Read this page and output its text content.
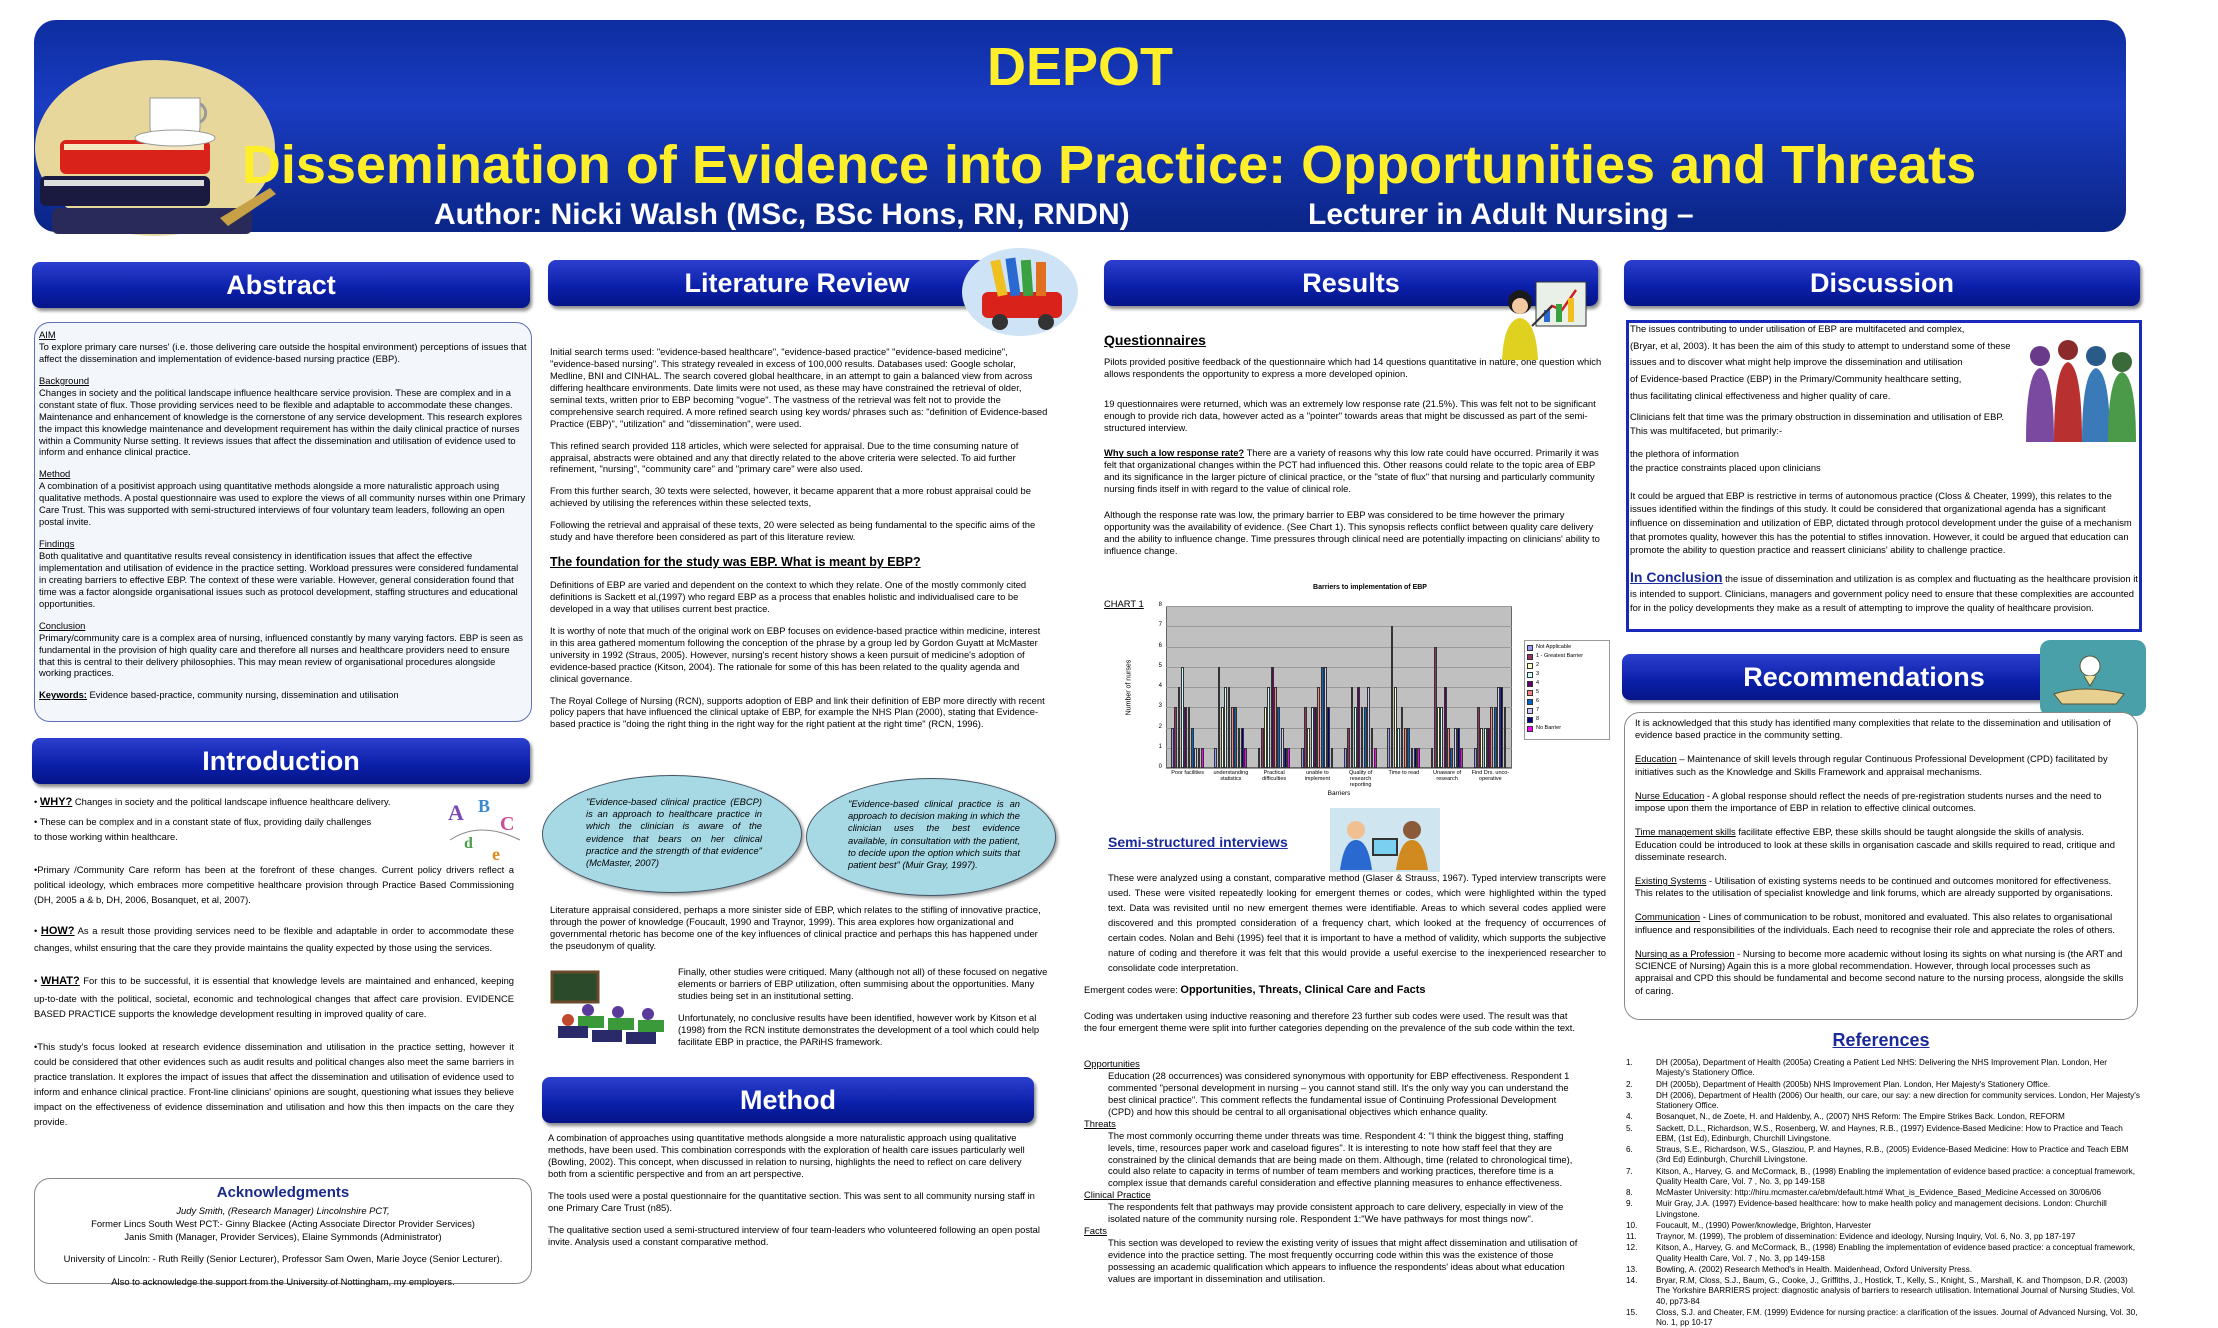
DEPOT
Dissemination of Evidence into Practice: Opportunities and Threats
Author: Nicki Walsh (MSc, BSc Hons, RN, RNDN)	Lecturer in Adult Nursing –
Abstract
AIM
To explore primary care nurses' (i.e. those delivering care outside the hospital environment) perceptions of issues that affect the dissemination and implementation of evidence-based nursing practice (EBP).
Background
Changes in society and the political landscape influence healthcare service provision. These are complex and in a constant state of flux. Those providing services need to be flexible and adaptable to accommodate these changes. Maintenance and enhancement of knowledge is the cornerstone of any service development. This research explores the impact this knowledge maintenance and development requirement has within the daily clinical practice of nurses within a Community Nurse setting. It reviews issues that affect the dissemination and utilisation of evidence used to inform and enhance clinical practice.
Method
A combination of a positivist approach using quantitative methods alongside a more naturalistic approach using qualitative methods. A postal questionnaire was used to explore the views of all community nurses within one Primary Care Trust. This was supported with semi-structured interviews of four voluntary team leaders, following an open postal invite.
Findings
Both qualitative and quantitative results reveal consistency in identification issues that affect the effective implementation and utilisation of evidence in the practice setting. Workload pressures were considered fundamental in creating barriers to effective EBP. The context of these were variable. However, general consideration found that time was a factor alongside organisational issues such as protocol development, staffing structures and educational opportunities.
Conclusion
Primary/community care is a complex area of nursing, influenced constantly by many varying factors. EBP is seen as fundamental in the provision of high quality care and therefore all nurses and healthcare providers need to ensure that this is central to their delivery philosophies. This may mean review of organisational procedures alongside working practices.
Keywords: Evidence based-practice, community nursing, dissemination and utilisation
Introduction
• WHY? Changes in society and the political landscape influence healthcare delivery.
• These can be complex and in a constant state of flux, providing daily challenges
to those working within healthcare.
•Primary /Community Care reform has been at the forefront of these changes. Current policy drivers reflect a political ideology, which embraces more competitive healthcare provision through Practice Based Commissioning (DH, 2005 a & b, DH, 2006, Bosanquet, et al, 2007).
• HOW? As a result those providing services need to be flexible and adaptable in order to accommodate these changes, whilst ensuring that the care they provide maintains the quality expected by those using the services.
• WHAT? For this to be successful, it is essential that knowledge levels are maintained and enhanced, keeping up-to-date with the political, societal, economic and technological changes that affect care provision. EVIDENCE BASED PRACTICE supports the knowledge development resulting in improved quality of care.
•This study's focus looked at research evidence dissemination and utilisation in the practice setting, however it could be considered that other evidences such as audit results and political changes also meet the same barriers in practice translation. It explores the impact of issues that affect the dissemination and utilisation of evidence used to inform and enhance clinical practice. Front-line clinicians' opinions are sought, questioning what issues they believe impact on the effectiveness of evidence dissemination and utilisation and how this then impacts on the care they provide.
A B
C
d
e
Acknowledgments
Judy Smith, (Research Manager) Lincolnshire PCT,
Former Lincs South West PCT:- Ginny Blackee (Acting Associate Director Provider Services)
Janis Smith (Manager, Provider Services), Elaine Symmonds (Administrator)
University of Lincoln: - Ruth Reilly (Senior Lecturer), Professor Sam Owen, Marie Joyce (Senior Lecturer).
Also to acknowledge the support from the University of Nottingham, my employers.
Literature Review

Initial search terms used: "evidence-based healthcare", "evidence-based practice" "evidence-based medicine", "evidence-based nursing". This strategy revealed in excess of 100,000 results. Databases used: Google scholar, Medline, BNI and CINHAL. The search covered global healthcare, in an attempt to gain a balanced view from across differing healthcare environments. Date limits were not used, as these may have constrained the retrieval of older, seminal texts, written prior to EBP becoming "vogue". The vastness of the retrieval was felt not to provide the comprehensive search required. A more refined search using key words/ phrases such as: "definition of Evidence-based Practice (EBP)", "utilization" and "dissemination", were used.

This refined search provided 118 articles, which were selected for appraisal. Due to the time consuming nature of appraisal, abstracts were obtained and any that directly related to the above criteria were selected. To aid further refinement, "nursing", "community care" and "primary care" were also used.

From this further search, 30 texts were selected, however, it became apparent that a more robust appraisal could be achieved by utilising the references within these selected texts,

Following the retrieval and appraisal of these texts, 20 were selected as being fundamental to the specific aims of the study and have therefore been considered as part of this literature review.

The foundation for the study was EBP. What is meant by EBP?

Definitions of EBP are varied and dependent on the context to which they relate. One of the mostly commonly cited definitions is Sackett et al,(1997) who regard EBP as a process that enables holistic and individualised care to be developed in a way that utilises current best practice.

It is worthy of note that much of the original work on EBP focuses on evidence-based practice within medicine, interest in this area gathered momentum following the conception of the phrase by a group led by Gordon Guyatt at McMaster university in 1992 (Straus, 2005). However, nursing's recent history shows a keen pursuit of medicine's adoption of evidence-based practice (Kitson, 2004). The rationale for some of this has been related to the quality agenda and clinical governance.

The Royal College of Nursing (RCN), supports adoption of EBP and link their definition of EBP more directly with recent policy papers that have influenced the clinical uptake of EBP, for example the NHS Plan (2000), stating that Evidence-based practice is "doing the right thing in the right way for the right patient at the right time" (RCN, 1996).

"Evidence-based clinical practice (EBCP) is an approach to healthcare practice in which the clinician is aware of the evidence that bears on her clinical practice and the strength of that evidence" (McMaster, 2007)
"Evidence-based clinical practice is an approach to decision making in which the clinician uses the best evidence available, in consultation with the patient, to decide upon the option which suits that patient best" (Muir Gray, 1997).

Literature appraisal considered, perhaps a more sinister side of EBP, which relates to the stifling of innovative practice, through the power of knowledge (Foucault, 1990 and Traynor, 1999). This area explores how organizational and governmental rhetoric has become one of the key influences of clinical practice and perhaps this has happened under the pseudonym of quality.

Finally, other studies were critiqued. Many (although not all) of these focused on negative elements or barriers of EBP utilization, often summising about the opportunities. Many studies being set in an institutional setting.

Unfortunately, no conclusive results have been identified, however work by Kitson et al (1998) from the RCN institute demonstrates the development of a tool which could help facilitate EBP in practice, the PARiHS framework.

Method

A combination of approaches using quantitative methods alongside a more naturalistic approach using qualitative methods, have been used. This combination corresponds with the exploration of health care issues particularly well (Bowling, 2002). This concept, when discussed in relation to nursing, highlights the need to reflect on care delivery both from a scientific perspective and from an art perspective.

The tools used were a postal questionnaire for the quantitative section. This was sent to all community nursing staff in one Primary Care Trust (n85).

The qualitative section used a semi-structured interview of four team-leaders who volunteered following an open postal invite. Analysis used a constant comparative method.

Results
Questionnaires

Pilots provided positive feedback of the questionnaire which had 14 questions quantitative in nature, one question which allows respondents the opportunity to express a more developed opinion.

19 questionnaires were returned, which was an extremely low response rate (21.5%). This was felt not to be significant enough to provide rich data, however acted as a "pointer" towards areas that might be discussed as part of the semi-structured interview.

Why such a low response rate? There are a variety of reasons why this low rate could have occurred. Primarily it was felt that organizational changes within the PCT had influenced this. Other reasons could relate to the topic area of EBP and its significance in the larger picture of clinical practice, or the "state of flux" that nursing and particularly community nursing finds itself in with regard to the value of clinical role.

Although the response rate was low, the primary barrier to EBP was considered to be time however the primary opportunity was the availability of evidence. (See Chart 1). This synopsis reflects conflict between quality care delivery and the ability to influence change. Time pressures through clinical need are potentially impacting on clinicians' ability to influence change.

CHART 1
Barriers to implementation of EBP
Number of nurses
0
1
2
3
4
5
6
7
8
Poor facilities	understanding statistics
Practical difficulties
unable to implement
Quality of research reporting
Time to read	Unaware of research
Find Drs. unco-operative
Barriers
Not Applicable
1 - Greatest Barrier
2
3
4
5
6
7
8
No Barrier
Semi-structured interviews

These were analyzed using a constant, comparative method (Glaser & Strauss, 1967). Typed interview transcripts were used. These were visited repeatedly looking for emergent themes or codes, which were highlighted within the typed text. Data was revisited until no new emergent themes were identifiable. Areas to which several codes applied were discovered and this prompted consideration of a frequency chart, which looked at the frequency of occurrences of certain codes. Nolan and Behi (1995) feel that it is important to have a method of validity, which supports the subjective nature of coding and therefore it was felt that this would provide a useful exercise to the inexperienced researcher to consolidate code interpretation.

Emergent codes were: Opportunities, Threats, Clinical Care and Facts

Coding was undertaken using inductive reasoning and therefore 23 further sub codes were used. The result was that the four emergent theme were split into further categories depending on the prevalence of the sub code within the text.

Opportunities
Education (28 occurrences) was considered synonymous with opportunity for EBP effectiveness. Respondent 1 commented "personal development in nursing – you cannot stand still. It's the only way you can understand the best clinical practice". This comment reflects the fundamental issue of Continuing Professional Development (CPD) and how this should be central to all organisational objectives which enhance quality.
Threats
The most commonly occurring theme under threats was time. Respondent 4: "I think the biggest thing, staffing levels, time, resources paper work and caseload figures". It is interesting to note how staff feel that they are constrained by the clinical demands that are being made on them. Although, time (related to chronological time), could also relate to capacity in terms of number of team members and working practices, therefore time is a complex issue that demands careful consideration and effective planning measures to enhance effectiveness.
Clinical Practice
The respondents felt that pathways may provide consistent approach to care delivery, especially in view of the isolated nature of the community nursing role. Respondent 1:"We have pathways for most things now".
Facts
This section was developed to review the existing verity of issues that might affect dissemination and utilisation of evidence into the practice setting. The most frequently occurring code within this was the existence of those possessing an academic qualification which appears to influence the respondents' ideas about what education values are important in dissemination and utilisation.
Discussion
The issues contributing to under utilisation of EBP are multifaceted and complex,
(Bryar, et al, 2003). It has been the aim of this study to attempt to understand some of these
issues and to discover what might help improve the dissemination and utilisation
of Evidence-based Practice (EBP) in the Primary/Community healthcare setting,
thus facilitating clinical effectiveness and higher quality of care.
Clinicians felt that time was the primary obstruction in dissemination and utilisation of EBP. This was multifaceted, but primarily:-
the plethora of information
the practice constraints placed upon clinicians
It could be argued that EBP is restrictive in terms of autonomous practice (Closs & Cheater, 1999), this relates to the issues identified within the findings of this study. It could be considered that organizational agenda has a significant influence on dissemination and utilization of EBP, dictated through protocol development under the guise of a mechanism that promotes quality, however this has the potential to stifles innovation. However, it could be argued that education can promote the ability to question practice and reassert clinicians' ability to challenge practice.
In Conclusion the issue of dissemination and utilization is as complex and fluctuating as the healthcare provision it is intended to support. Clinicians, managers and government policy need to ensure that these complexities are accounted for in the policy developments they make as a result of attempting to improve the quality of healthcare provision.
Recommendations

It is acknowledged that this study has identified many complexities that relate to the dissemination and utilisation of evidence based practice in the community setting.

Education – Maintenance of skill levels through regular Continuous Professional Development (CPD) facilitated by initiatives such as the Knowledge and Skills Framework and appraisal mechanisms.

Nurse Education - A global response should reflect the needs of pre-registration students nurses and the need to impose upon them the importance of EBP in relation to effective clinical outcomes.

Time management skills facilitate effective EBP, these skills should be taught alongside the skills of analysis. Education could be introduced to look at these skills in organisation cascade and skills required to read, critique and disseminate research.

Existing Systems - Utilisation of existing systems needs to be continued and outcomes monitored for effectiveness. This relates to the utilisation of specialist knowledge and link forums, which are already supported by organisations.

Communication - Lines of communication to be robust, monitored and evaluated. This also relates to organisational influence and responsibilities of the individuals. Each need to recognise their role and appreciate the roles of others.

Nursing as a Profession - Nursing to become more academic without losing its sights on what nursing is (the ART and SCIENCE of Nursing) Again this is a more global recommendation. However, through local processes such as appraisal and CPD this should be fundamental and become second nature to the nursing process, alongside the skills of caring.

References
1.	DH (2005a), Department of Health (2005a) Creating a Patient Led NHS: Delivering the NHS Improvement Plan. London, Her Majesty's Stationery Office.
2.	DH (2005b), Department of Health (2005b) NHS Improvement Plan. London, Her Majesty's Stationery Office.
3.	DH (2006), Department of Health (2006) Our health, our care, our say: a new direction for community services. London, Her Majesty's Stationery Office.
4.	Bosanquet, N., de Zoete, H. and Haldenby, A., (2007) NHS Reform: The Empire Strikes Back. London, REFORM
5.	Sackett, D.L., Richardson, W.S., Rosenberg, W. and Haynes, R.B., (1997) Evidence-Based Medicine: How to Practice and Teach EBM, (1st Ed), Edinburgh, Churchill Livingstone.
6.	Straus, S.E., Richardson, W.S., Glasziou, P. and Haynes, R.B., (2005) Evidence-Based Medicine: How to Practice and Teach EBM (3rd Ed) Edinburgh, Churchill Livingstone.
7.	Kitson, A., Harvey, G. and McCormack, B., (1998) Enabling the implementation of evidence based practice: a conceptual framework, Quality Health Care, Vol. 7 , No. 3, pp 149-158
8.	McMaster University: http://hiru.mcmaster.ca/ebm/default.htm# What_is_Evidence_Based_Medicine Accessed on 30/06/06
9.	Muir Gray, J.A. (1997) Evidence-based healthcare: how to make health policy and management decisions. London: Churchill Livingstone.
10.	Foucault, M., (1990) Power/knowledge, Brighton, Harvester
11.	Traynor, M. (1999), The problem of dissemination: Evidence and ideology, Nursing Inquiry, Vol. 6, No. 3, pp 187-197
12.	Kitson, A., Harvey, G. and McCormack, B., (1998) Enabling the implementation of evidence based practice: a conceptual framework, Quality Health Care, Vol. 7 , No. 3, pp 149-158
13.	Bowling, A. (2002) Research Method's in Health. Maidenhead, Oxford University Press.
14.	Bryar, R.M, Closs, S.J., Baum, G., Cooke, J., Griffiths, J., Hostick, T., Kelly, S., Knight, S., Marshall, K. and Thompson, D.R. (2003) The Yorkshire BARRIERS project: diagnostic analysis of barriers to research utilisation. International Journal of Nursing Studies, Vol. 40, pp73-84
15.	Closs, S.J. and Cheater, F.M. (1999) Evidence for nursing practice: a clarification of the issues. Journal of Advanced Nursing, Vol. 30, No. 1, pp 10-17
